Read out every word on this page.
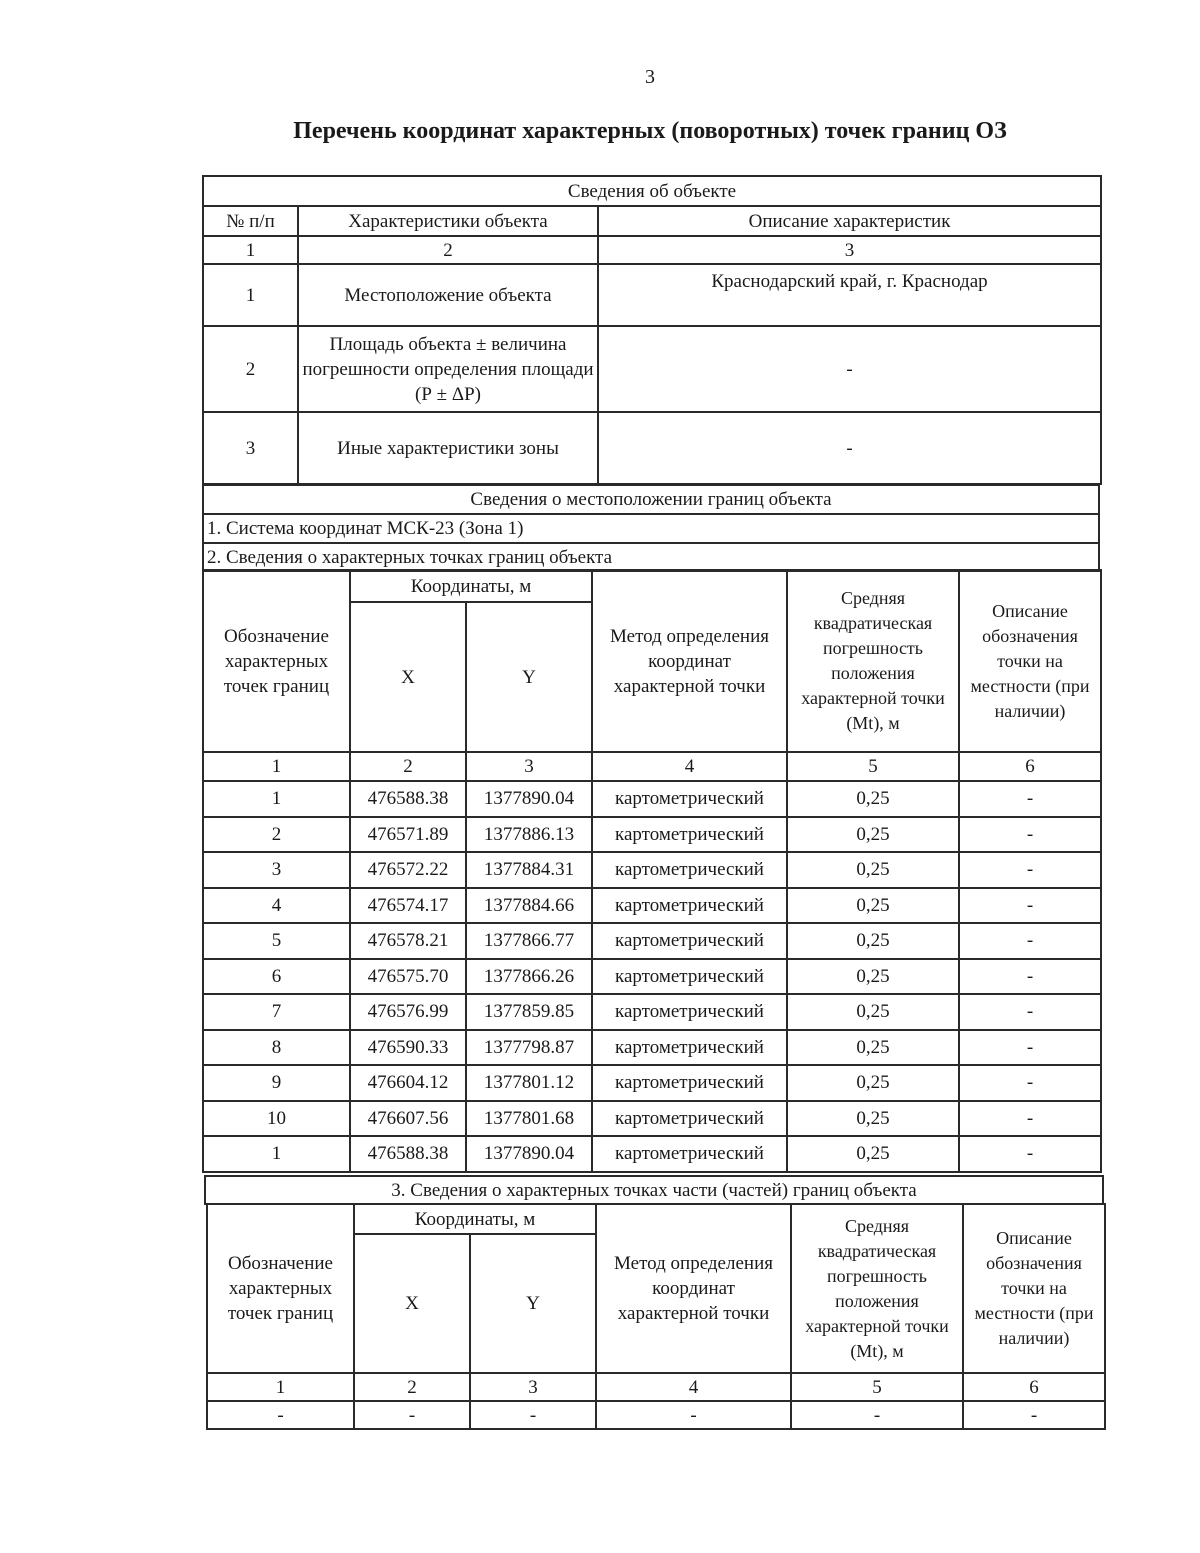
3
Перечень координат характерных (поворотных) точек границ ОЗ
Сведения об объекте		
№ п/п	Характеристики объекта	Описание характеристик
1	2	3
1	Местоположение объекта	Краснодарский край, г. Краснодар
2	Площадь объекта ± величина погрешности определения площади (Р ± ΔР)	-
3	Иные характеристики зоны	-
Сведения о местоположении границ объекта
1. Система координат МСК-23 (Зона 1)
2. Сведения о характерных точках границ объекта
Обозначение характерных точек границ	Координаты, м		Метод определения координат характерной точки	Средняя квадратическая погрешность положения характерной точки (Mt), м	Описание обозначения точки на местности (при наличии)
	X	Y			
1	2	3	4	5	6
1	476588.38	1377890.04	картометрический	0,25	-
2	476571.89	1377886.13	картометрический	0,25	-
3	476572.22	1377884.31	картометрический	0,25	-
4	476574.17	1377884.66	картометрический	0,25	-
5	476578.21	1377866.77	картометрический	0,25	-
6	476575.70	1377866.26	картометрический	0,25	-
7	476576.99	1377859.85	картометрический	0,25	-
8	476590.33	1377798.87	картометрический	0,25	-
9	476604.12	1377801.12	картометрический	0,25	-
10	476607.56	1377801.68	картометрический	0,25	-
1	476588.38	1377890.04	картометрический	0,25	-
3. Сведения о характерных точках части (частей) границ объекта
Обозначение характерных точек границ	Координаты, м		Метод определения координат характерной точки	Средняя квадратическая погрешность положения характерной точки (Mt), м	Описание обозначения точки на местности (при наличии)
	X	Y			
1	2	3	4	5	6
-	-	-	-	-	-
